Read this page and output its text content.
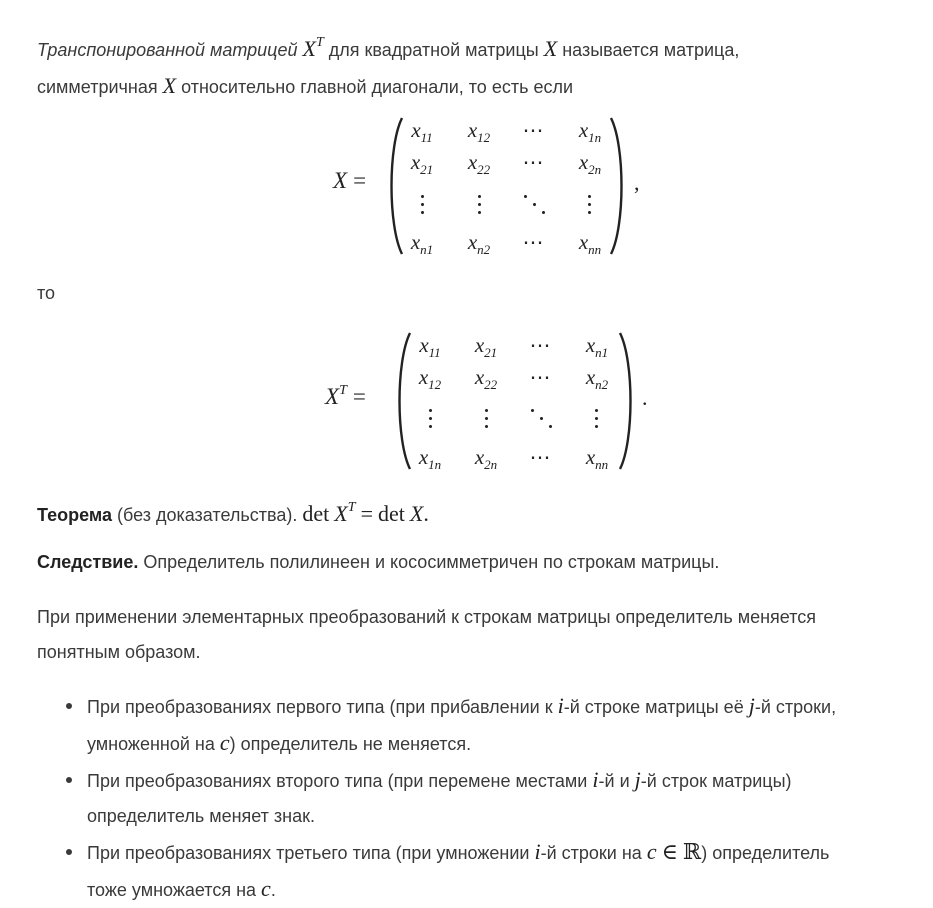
Транспонированной матрицей $X^T$ для квадратной матрицы X называется матрица,
симметричная X относительно главной диагонали, то есть если

X =
$x_{11}$ $x_{12}$ ⋯ $x_{1n}$
$x_{21}$ $x_{22}$ ⋯ $x_{2n}$
$x_{n1}$ $x_{n2}$ ⋯ $x_{nn}$
,

то

$X^T$ =
$x_{11}$ $x_{21}$ ⋯ $x_{n1}$
$x_{12}$ $x_{22}$ ⋯ $x_{n2}$
$x_{1n}$ $x_{2n}$ ⋯ $x_{nn}$
.

Теорема (без доказательства). $\det X^T = \det X$.

Следствие. Определитель полилинеен и кососимметричен по строкам матрицы.

При применении элементарных преобразований к строкам матрицы определитель меняется
понятным образом.

При преобразованиях первого типа (при прибавлении к i-й строке матрицы её j-й строки,
умноженной на c) определитель не меняется.
При преобразованиях второго типа (при перемене местами i-й и j-й строк матрицы)
определитель меняет знак.
При преобразованиях третьего типа (при умножении i-й строки на c ∈ ℝ) определитель
тоже умножается на c.
